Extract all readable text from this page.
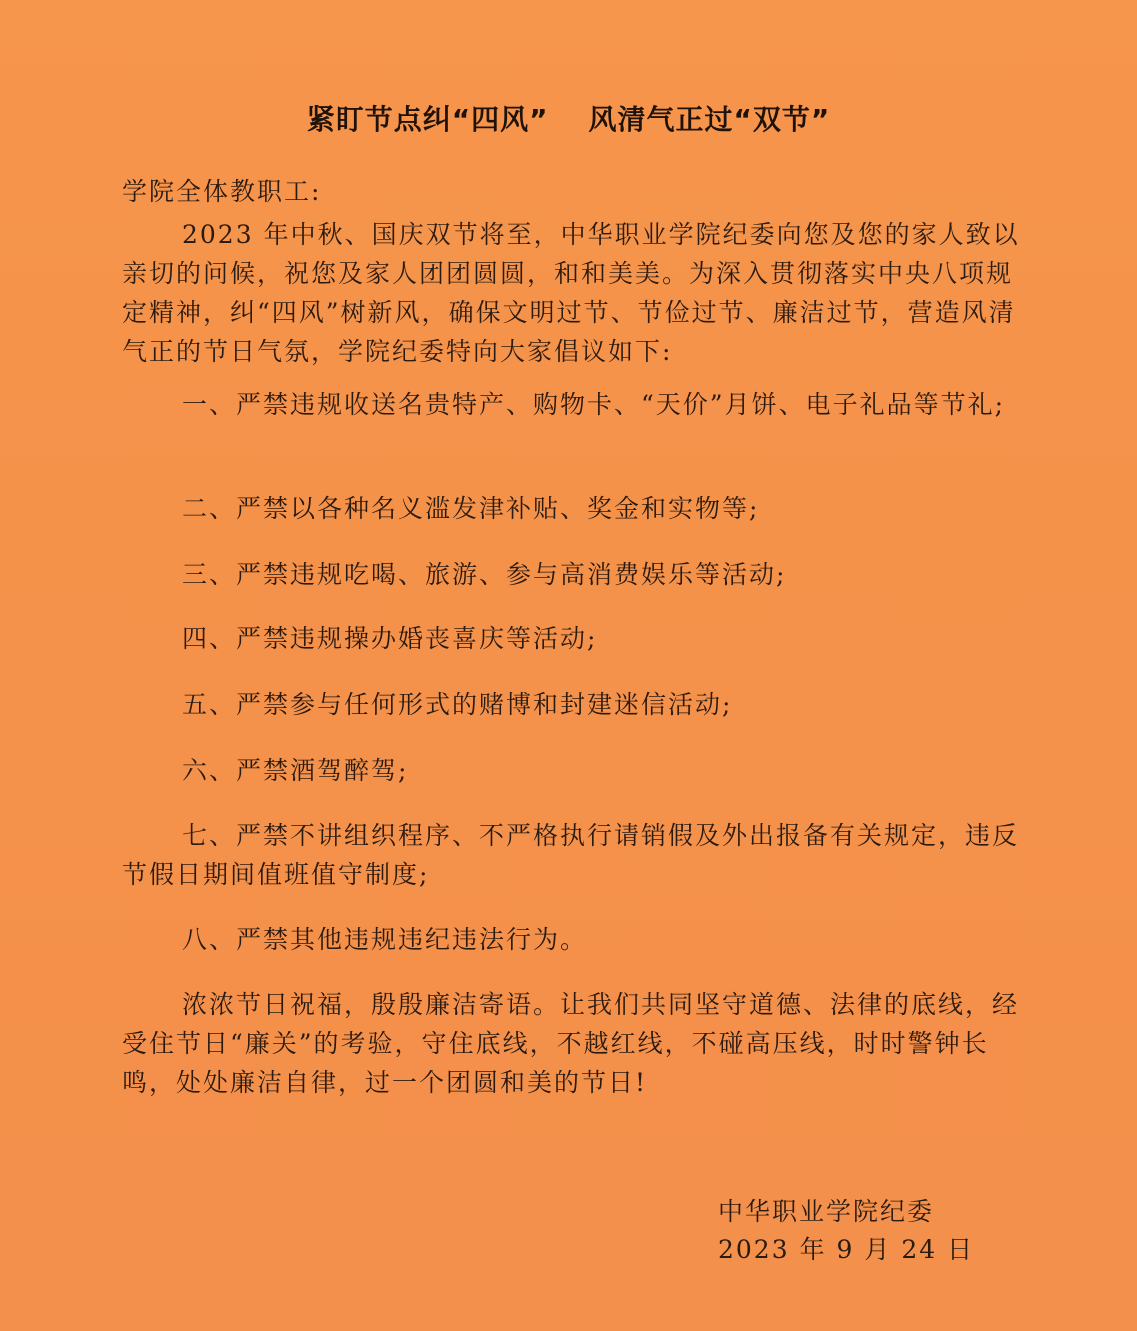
紧盯节点纠“四风” 风清气正过“双节”
学院全体教职工:
2023 年中秋、国庆双节将至，中华职业学院纪委向您及您的家人致以亲切的问候，祝您及家人团团圆圆，和和美美。为深入贯彻落实中央八项规定精神，纠“四风”树新风，确保文明过节、节俭过节、廉洁过节，营造风清气正的节日气氛，学院纪委特向大家倡议如下:
一、严禁违规收送名贵特产、购物卡、“天价”月饼、电子礼品等节礼;
二、严禁以各种名义滥发津补贴、奖金和实物等;
三、严禁违规吃喝、旅游、参与高消费娱乐等活动;
四、严禁违规操办婚丧喜庆等活动;
五、严禁参与任何形式的赌博和封建迷信活动;
六、严禁酒驾醉驾;
七、严禁不讲组织程序、不严格执行请销假及外出报备有关规定，违反节假日期间值班值守制度;
八、严禁其他违规违纪违法行为。
浓浓节日祝福，殷殷廉洁寄语。让我们共同坚守道德、法律的底线，经受住节日“廉关”的考验，守住底线，不越红线，不碰高压线，时时警钟长鸣，处处廉洁自律，过一个团圆和美的节日!
中华职业学院纪委
2023 年 9 月 24 日
